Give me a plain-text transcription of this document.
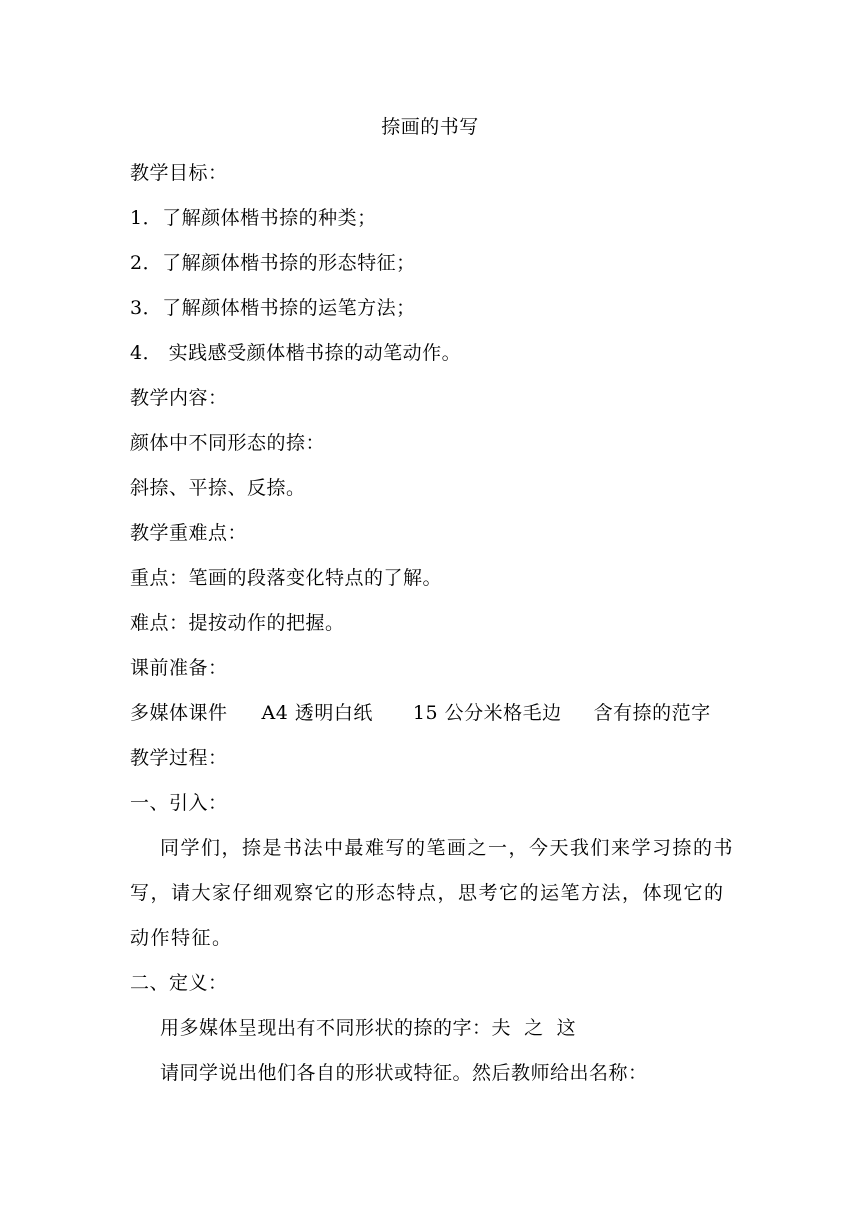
捺画的书写
教学目标：
1．了解颜体楷书捺的种类；
2．了解颜体楷书捺的形态特征；
3．了解颜体楷书捺的运笔方法；
4． 实践感受颜体楷书捺的动笔动作。
教学内容：
颜体中不同形态的捺：
斜捺、平捺、反捺。
教学重难点：
重点：笔画的段落变化特点的了解。
难点：提按动作的把握。
课前准备：
多媒体课件 A4 透明白纸 15 公分米格毛边 含有捺的范字
教学过程：
一、引入：
同学们，捺是书法中最难写的笔画之一，今天我们来学习捺的书写，请大家仔细观察它的形态特点，思考它的运笔方法，体现它的动作特征。
二、定义：
用多媒体呈现出有不同形状的捺的字：夫  之  这
请同学说出他们各自的形状或特征。然后教师给出名称：
